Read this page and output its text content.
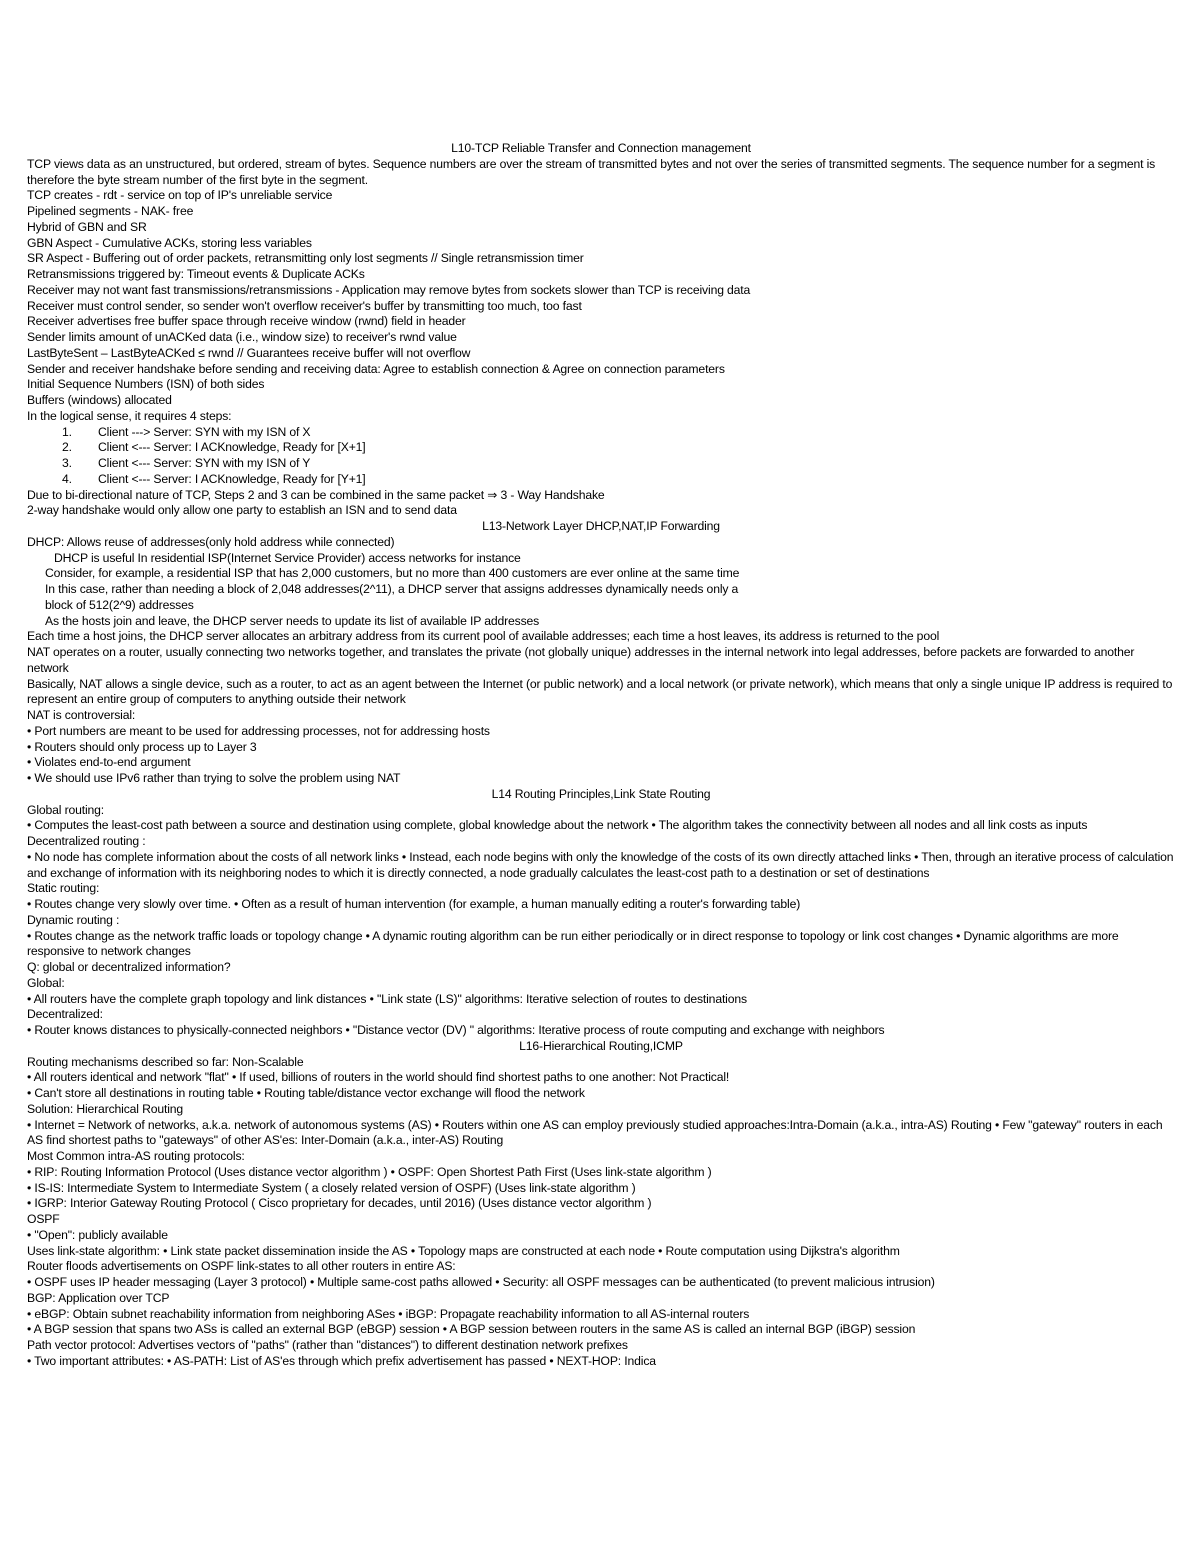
L10-TCP Reliable Transfer and Connection management
TCP views data as an unstructured, but ordered, stream of bytes. Sequence numbers are over the stream of transmitted bytes and not over the series of transmitted segments. The sequence number for a segment is therefore the byte stream number of the first byte in the segment.
TCP creates - rdt - service on top of IP's unreliable service
Pipelined segments - NAK- free
Hybrid of GBN and SR
GBN Aspect - Cumulative ACKs, storing less variables
SR Aspect - Buffering out of order packets, retransmitting only lost segments // Single retransmission timer
Retransmissions triggered by: Timeout events & Duplicate ACKs
Receiver may not want fast transmissions/retransmissions - Application may remove bytes from sockets slower than TCP is receiving data
Receiver must control sender, so sender won't overflow receiver's buffer by transmitting too much, too fast
Receiver advertises free buffer space through receive window (rwnd) field in header
Sender limits amount of unACKed data (i.e., window size) to receiver's rwnd value
LastByteSent – LastByteACKed ≤ rwnd // Guarantees receive buffer will not overflow
Sender and receiver handshake before sending and receiving data: Agree to establish connection & Agree on connection parameters
Initial Sequence Numbers (ISN) of both sides
Buffers (windows) allocated
In the logical sense, it requires 4 steps:
1.	Client ---> Server: SYN with my ISN of X
2.	Client <--- Server: I ACKnowledge, Ready for [X+1]
3.	Client <--- Server: SYN with my ISN of Y
4.	Client <--- Server: I ACKnowledge, Ready for [Y+1]
Due to bi-directional nature of TCP, Steps 2 and 3 can be combined in the same packet ⇒ 3 - Way Handshake
2-way handshake would only allow one party to establish an ISN and to send data
L13-Network Layer DHCP,NAT,IP Forwarding
DHCP: Allows reuse of addresses(only hold address while connected)
DHCP is useful In residential ISP(Internet Service Provider) access networks for instance
Consider, for example, a residential ISP that has 2,000 customers, but no more than 400 customers are ever online at the same time
In this case, rather than needing a block of 2,048 addresses(2^11), a DHCP server that assigns addresses dynamically needs only a
block of 512(2^9) addresses
As the hosts join and leave, the DHCP server needs to update its list of available IP addresses
Each time a host joins, the DHCP server allocates an arbitrary address from its current pool of available addresses; each time a host leaves, its address is returned to the pool
NAT operates on a router, usually connecting two networks together, and translates the private (not globally unique) addresses in the internal network into legal addresses, before packets are forwarded to another network
Basically, NAT allows a single device, such as a router, to act as an agent between the Internet (or public network) and a local network (or private network), which means that only a single unique IP address is required to represent an entire group of computers to anything outside their network
NAT is controversial:
• Port numbers are meant to be used for addressing processes, not for addressing hosts
• Routers should only process up to Layer 3
• Violates end-to-end argument
• We should use IPv6 rather than trying to solve the problem using NAT
L14 Routing Principles,Link State Routing
Global routing:
• Computes the least-cost path between a source and destination using complete, global knowledge about the network • The algorithm takes the connectivity between all nodes and all link costs as inputs
Decentralized routing :
• No node has complete information about the costs of all network links • Instead, each node begins with only the knowledge of the costs of its own directly attached links • Then, through an iterative process of calculation and exchange of information with its neighboring nodes to which it is directly connected, a node gradually calculates the least-cost path to a destination or set of destinations
Static routing:
• Routes change very slowly over time. • Often as a result of human intervention (for example, a human manually editing a router's forwarding table)
Dynamic routing :
• Routes change as the network traffic loads or topology change • A dynamic routing algorithm can be run either periodically or in direct response to topology or link cost changes • Dynamic algorithms are more responsive to network changes
Q: global or decentralized information?
Global:
• All routers have the complete graph topology and link distances • "Link state (LS)" algorithms: Iterative selection of routes to destinations
Decentralized:
• Router knows distances to physically-connected neighbors • "Distance vector (DV) " algorithms: Iterative process of route computing and exchange with neighbors
L16-Hierarchical Routing,ICMP
Routing mechanisms described so far: Non-Scalable
• All routers identical and network "flat" • If used, billions of routers in the world should find shortest paths to one another: Not Practical!
• Can't store all destinations in routing table • Routing table/distance vector exchange will flood the network
Solution: Hierarchical Routing
• Internet = Network of networks, a.k.a. network of autonomous systems (AS) • Routers within one AS can employ previously studied approaches:Intra-Domain (a.k.a., intra-AS) Routing • Few "gateway" routers in each AS find shortest paths to "gateways" of other AS'es: Inter-Domain (a.k.a., inter-AS) Routing
Most Common intra-AS routing protocols:
• RIP: Routing Information Protocol (Uses distance vector algorithm ) • OSPF: Open Shortest Path First (Uses link-state algorithm )
• IS-IS: Intermediate System to Intermediate System ( a closely related version of OSPF) (Uses link-state algorithm )
• IGRP: Interior Gateway Routing Protocol ( Cisco proprietary for decades, until 2016) (Uses distance vector algorithm )
OSPF
• "Open": publicly available
Uses link-state algorithm: • Link state packet dissemination inside the AS • Topology maps are constructed at each node • Route computation using Dijkstra's algorithm
Router floods advertisements on OSPF link-states to all other routers in entire AS:
• OSPF uses IP header messaging (Layer 3 protocol) • Multiple same-cost paths allowed • Security: all OSPF messages can be authenticated (to prevent malicious intrusion)
BGP: Application over TCP
• eBGP: Obtain subnet reachability information from neighboring ASes • iBGP: Propagate reachability information to all AS-internal routers
• A BGP session that spans two ASs is called an external BGP (eBGP) session • A BGP session between routers in the same AS is called an internal BGP (iBGP) session
Path vector protocol: Advertises vectors of "paths" (rather than "distances") to different destination network prefixes
• Two important attributes: • AS-PATH: List of AS'es through which prefix advertisement has passed • NEXT-HOP: Indica
